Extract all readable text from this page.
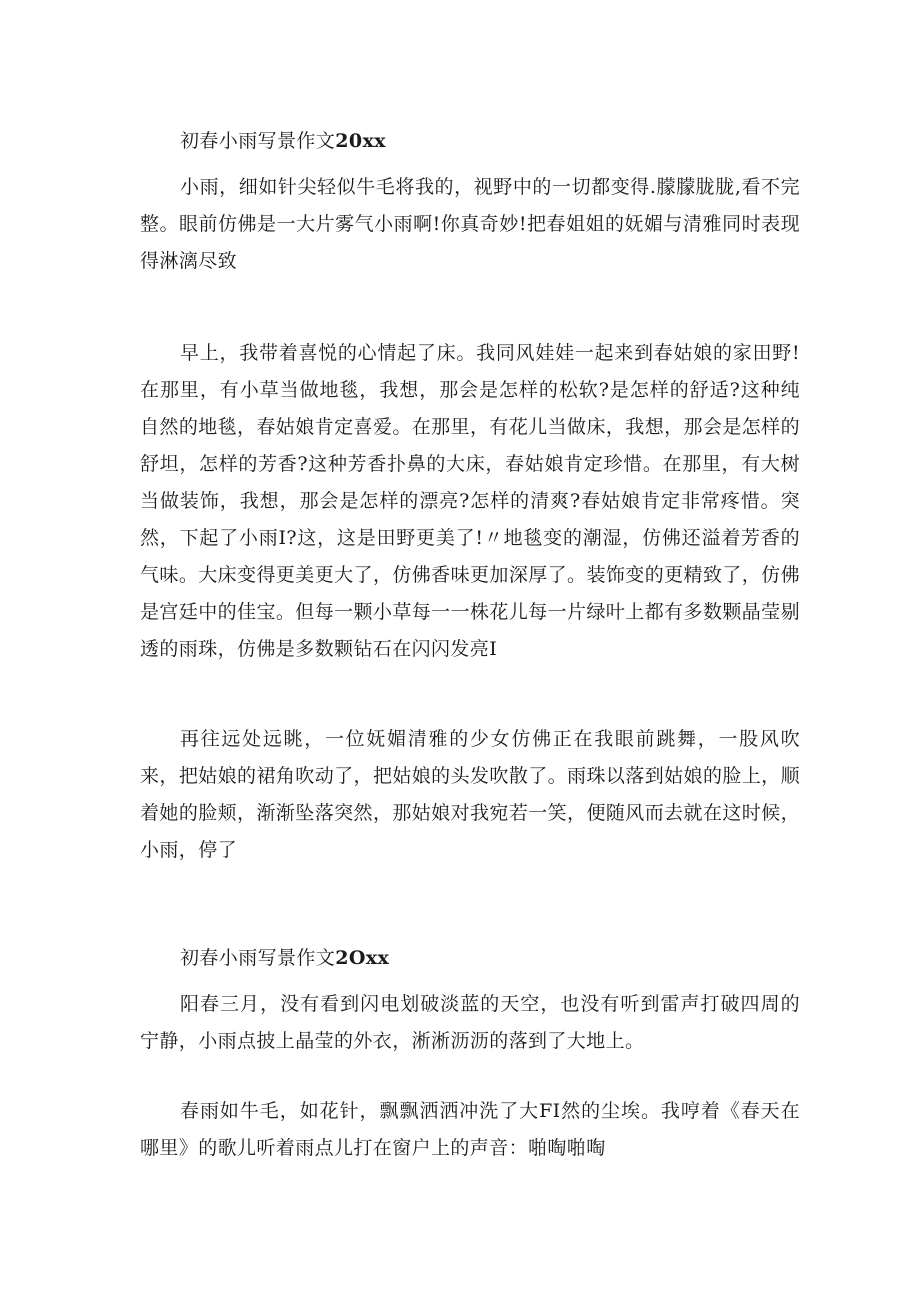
初春小雨写景作文20xx

小雨，细如针尖轻似牛毛将我的，视野中的一切都变得.朦朦胧胧,看不完整。眼前仿佛是一大片雾气小雨啊!你真奇妙!把春姐姐的妩媚与清雅同时表现得淋漓尽致

早上，我带着喜悦的心情起了床。我同风娃娃一起来到春姑娘的家田野!在那里，有小草当做地毯，我想，那会是怎样的松软?是怎样的舒适?这种纯自然的地毯，春姑娘肯定喜爱。在那里，有花儿当做床，我想，那会是怎样的舒坦，怎样的芳香?这种芳香扑鼻的大床，春姑娘肯定珍惜。在那里，有大树当做装饰，我想，那会是怎样的漂亮?怎样的清爽?春姑娘肯定非常疼惜。突然，下起了小雨I?这，这是田野更美了!〃地毯变的潮湿，仿佛还溢着芳香的气味。大床变得更美更大了，仿佛香味更加深厚了。装饰变的更精致了，仿佛是宫廷中的佳宝。但每一颗小草每一一株花儿每一片绿叶上都有多数颗晶莹剔透的雨珠，仿佛是多数颗钻石在闪闪发亮I

再往远处远眺，一位妩媚清雅的少女仿佛正在我眼前跳舞，一股风吹来，把姑娘的裙角吹动了，把姑娘的头发吹散了。雨珠以落到姑娘的脸上，顺着她的脸颊，渐渐坠落突然，那姑娘对我宛若一笑，便随风而去就在这时候，小雨，停了

初春小雨写景作文2Oxx

阳春三月，没有看到闪电划破淡蓝的天空，也没有听到雷声打破四周的宁静，小雨点披上晶莹的外衣，淅淅沥沥的落到了大地上。

春雨如牛毛，如花针，飘飘洒洒冲洗了大FI然的尘埃。我哼着《春天在哪里》的歌儿听着雨点儿打在窗户上的声音：啪啕啪啕
